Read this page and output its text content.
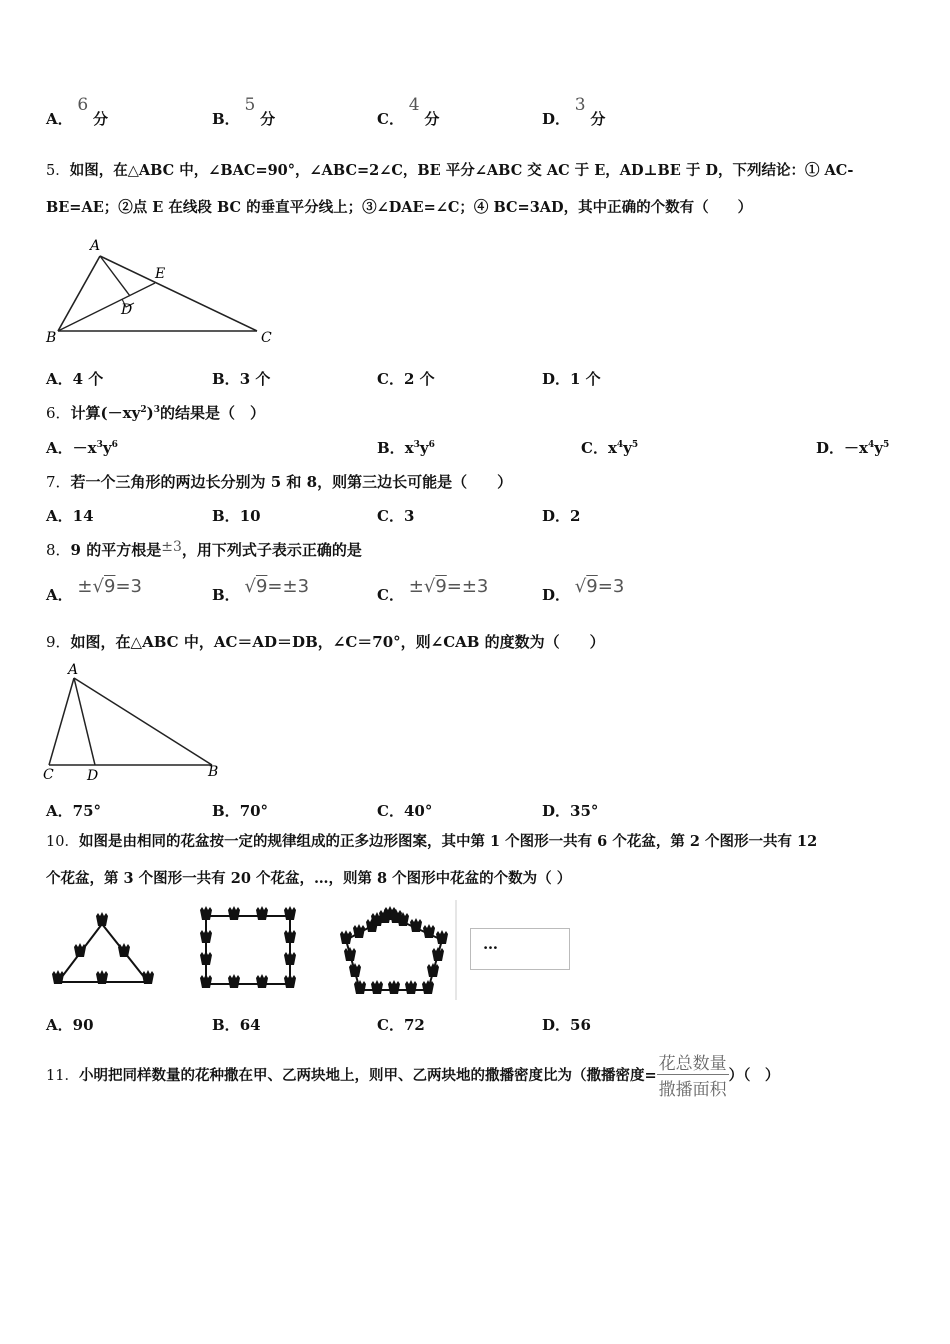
A． 6 分	B． 5 分	C． 4 分	D． 3 分
5．如图，在△ABC 中，∠BAC=90°，∠ABC=2∠C，BE 平分∠ABC 交 AC 于 E，AD⊥BE 于 D，下列结论：① AC-
BE=AE；②点 E 在线段 BC 的垂直平分线上；③∠DAE=∠C；④ BC=3AD，其中正确的个数有（　　）
A
B	C
D
E
A．4 个	B．3 个	C．2 个	D．1 个
6．计算$(-xy^2)^3$的结果是（　）
A．$-x^3y^6$	B．$x^3y^6$	C．$x^4y^5$	D．$-x^4y^5$
7．若一个三角形的两边长分别为 5 和 8，则第三边长可能是（　　）
A．14	B．10	C．3	D．2
8．9 的平方根是±3，用下列式子表示正确的是
A． ±√9=3	B． √9=±3	C． ±√9=±3	D． √9=3
9．如图，在△ABC 中，AC＝AD＝DB，∠C＝70°，则∠CAB 的度数为（　　）
A
C D	B
A．75°	B．70°	C．40°	D．35°
10．如图是由相同的花盆按一定的规律组成的正多边形图案，其中第 1 个图形一共有 6 个花盆，第 2 个图形一共有 12
个花盆，第 3 个图形一共有 20 个花盆，…，则第 8 个图形中花盆的个数为（ ）
…
A．90	B．64	C．72	D．56
11． 小明把同样数量的花种撒在甲、乙两块地上，则甲、乙两块地的撒播密度比为（撒播密度= $\frac{\text{花总数量}}{\text{撒播面积}}$ ）（　）
